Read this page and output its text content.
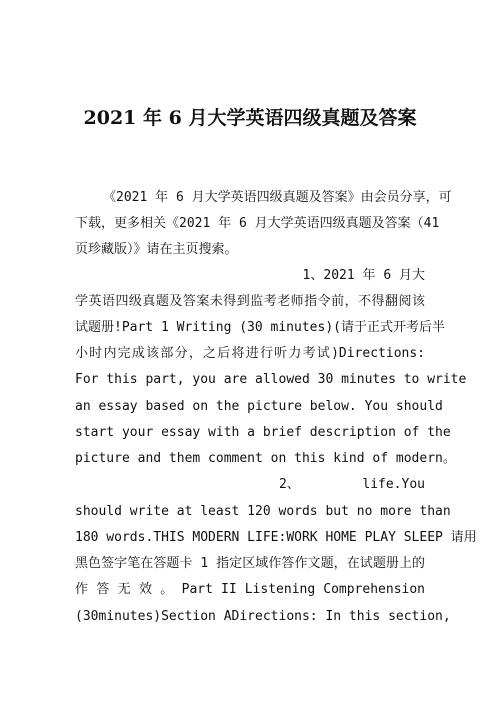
2021 年 6 月大学英语四级真题及答案
《2021 年 6 月大学英语四级真题及答案》由会员分享，可
下载，更多相关《2021 年 6 月大学英语四级真题及答案（41
页珍藏版）》请在主页搜索。
1、2021 年 6 月大
学英语四级真题及答案未得到监考老师指令前，不得翻阅该
试题册!Part 1 Writing (30 minutes)(请于正式开考后半
小时内完成该部分，之后将进行听力考试)Directions:
For this part, you are allowed 30 minutes to write
an essay based on the picture below. You should
start your essay with a brief description of the
picture and them comment on this kind of modern。
2、        life.You
should write at least 120 words but no more than
180 words.THIS MODERN LIFE:WORK HOME PLAY SLEEP 请用
黑色签字笔在答题卡 1 指定区域作答作文题，在试题册上的
作 答 无 效 。 Part II Listening Comprehension
(30minutes)Section ADirections: In this section,
